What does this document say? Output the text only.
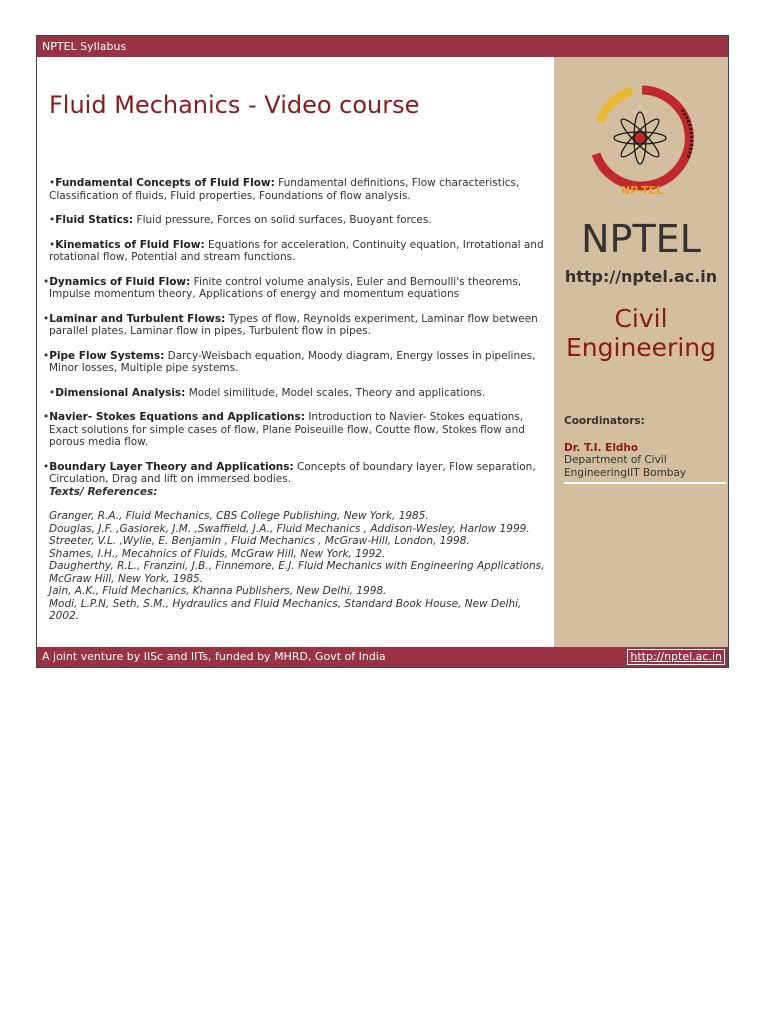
NPTEL Syllabus
Fluid Mechanics - Video course

•Fundamental Concepts of Fluid Flow: Fundamental definitions, Flow characteristics, Classification of fluids, Fluid properties, Foundations of flow analysis.

•Fluid Statics: Fluid pressure, Forces on solid surfaces, Buoyant forces.

•Kinematics of Fluid Flow: Equations for acceleration, Continuity equation, Irrotational and rotational flow, Potential and stream functions.

•Dynamics of Fluid Flow: Finite control volume analysis, Euler and Bernoulli's theorems, Impulse momentum theory, Applications of energy and momentum equations

•Laminar and Turbulent Flows: Types of flow, Reynolds experiment, Laminar flow between parallel plates, Laminar flow in pipes, Turbulent flow in pipes.

•Pipe Flow Systems: Darcy-Weisbach equation, Moody diagram, Energy losses in pipelines, Minor losses, Multiple pipe systems.

•Dimensional Analysis: Model similitude, Model scales, Theory and applications.

•Navier- Stokes Equations and Applications: Introduction to Navier- Stokes equations, Exact solutions for simple cases of flow, Plane Poiseuille flow, Coutte flow, Stokes flow and porous media flow.

•Boundary Layer Theory and Applications: Concepts of boundary layer, Flow separation, Circulation, Drag and lift on immersed bodies.

Texts/ References:

Granger, R.A., Fluid Mechanics, CBS College Publishing, New York, 1985.

Douglas, J.F. ,Gasiorek, J.M. ,Swaffield, J.A., Fluid Mechanics , Addison-Wesley, Harlow 1999.

Streeter, V.L. ,Wylie, E. Benjamin , Fluid Mechanics , McGraw-Hill, London, 1998.

Shames, I.H., Mecahnics of Fluids, McGraw Hill, New York, 1992.

Daugherthy, R.L., Franzini, J.B., Finnemore, E.J. Fluid Mechanics with Engineering Applications, McGraw Hill, New York, 1985.

Jain, A.K., Fluid Mechanics, Khanna Publishers, New Delhi, 1998.

Modi, L.P.N, Seth, S.M., Hydraulics and Fluid Mechanics, Standard Book House, New Delhi, 2002.

NP-TEL
NPTEL
http://nptel.ac.in
Civil
Engineering
Coordinators:
Dr. T.I. Eldho
Department of Civil
EngineeringIIT Bombay
A joint venture by IISc and IITs, funded by MHRD, Govt of India	http://nptel.ac.in
